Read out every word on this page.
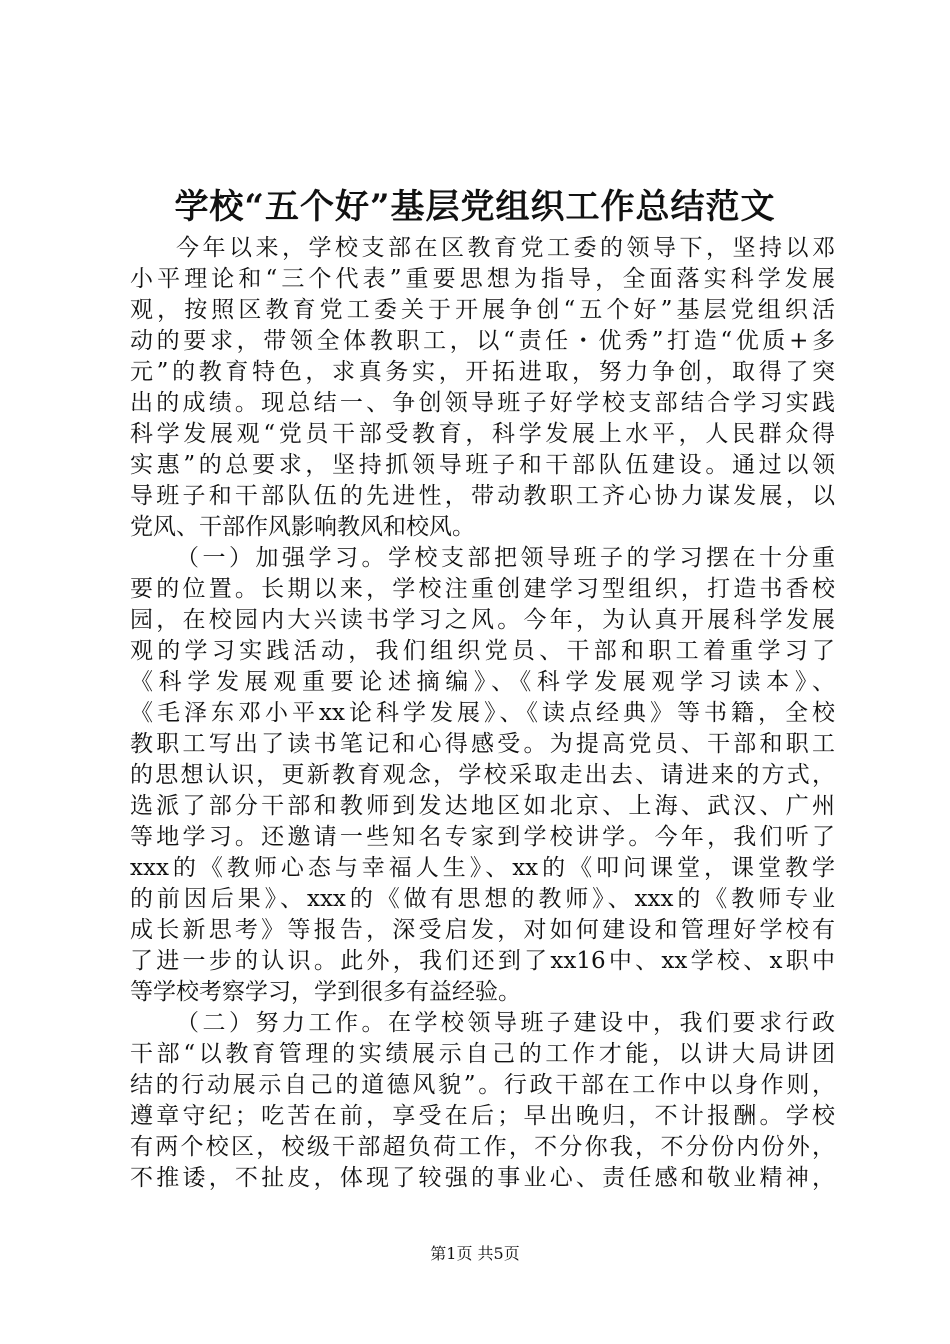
学校“五个好”基层党组织工作总结范文
今年以来，学校支部在区教育党工委的领导下，坚持以邓
小平理论和“三个代表”重要思想为指导，全面落实科学发展
观，按照区教育党工委关于开展争创“五个好”基层党组织活
动的要求，带领全体教职工，以“责任・优秀”打造“优质+多
元”的教育特色，求真务实，开拓进取，努力争创，取得了突
出的成绩。现总结一、争创领导班子好学校支部结合学习实践
科学发展观“党员干部受教育，科学发展上水平，人民群众得
实惠”的总要求，坚持抓领导班子和干部队伍建设。通过以领
导班子和干部队伍的先进性，带动教职工齐心协力谋发展，以
党风、干部作风影响教风和校风。
（一）加强学习。学校支部把领导班子的学习摆在十分重
要的位置。长期以来，学校注重创建学习型组织，打造书香校
园，在校园内大兴读书学习之风。今年，为认真开展科学发展
观的学习实践活动，我们组织党员、干部和职工着重学习了
《科学发展观重要论述摘编》、《科学发展观学习读本》、
《毛泽东邓小平xx论科学发展》、《读点经典》等书籍，全校
教职工写出了读书笔记和心得感受。为提高党员、干部和职工
的思想认识，更新教育观念，学校采取走出去、请进来的方式，
选派了部分干部和教师到发达地区如北京、上海、武汉、广州
等地学习。还邀请一些知名专家到学校讲学。今年，我们听了
xxx的《教师心态与幸福人生》、xx的《叩问课堂，课堂教学
的前因后果》、xxx的《做有思想的教师》、xxx的《教师专业
成长新思考》等报告，深受启发，对如何建设和管理好学校有
了进一步的认识。此外，我们还到了xx16中、xx学校、x职中
等学校考察学习，学到很多有益经验。
（二）努力工作。在学校领导班子建设中，我们要求行政
干部“以教育管理的实绩展示自己的工作才能，以讲大局讲团
结的行动展示自己的道德风貌”。行政干部在工作中以身作则，
遵章守纪；吃苦在前，享受在后；早出晚归，不计报酬。学校
有两个校区，校级干部超负荷工作，不分你我，不分份内份外，
不推诿，不扯皮，体现了较强的事业心、责任感和敬业精神，
第1页 共5页
